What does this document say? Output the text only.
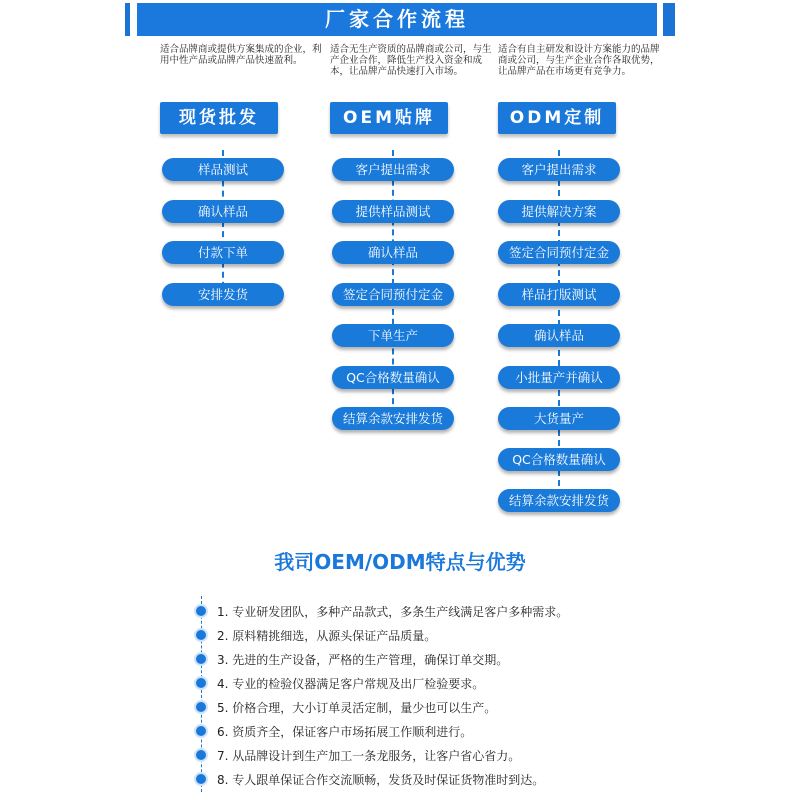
厂家合作流程
适合品牌商或提供方案集成的企业，利用中性产品或品牌产品快速盈利。
现货批发
样品测试
确认样品
付款下单
安排发货
适合无生产资质的品牌商或公司，与生产企业合作，降低生产投入资金和成本，让品牌产品快速打入市场。
OEM贴牌
客户提出需求
提供样品测试
确认样品
签定合同预付定金
下单生产
QC合格数量确认
结算余款安排发货
适合有自主研发和设计方案能力的品牌商或公司，与生产企业合作各取优势，让品牌产品在市场更有竞争力。
ODM定制
客户提出需求
提供解决方案
签定合同预付定金
样品打版测试
确认样品
小批量产并确认
大货量产
QC合格数量确认
结算余款安排发货
我司OEM/ODM特点与优势
1. 专业研发团队，多种产品款式，多条生产线满足客户多种需求。
2. 原料精挑细选，从源头保证产品质量。
3. 先进的生产设备，严格的生产管理，确保订单交期。
4. 专业的检验仪器满足客户常规及出厂检验要求。
5. 价格合理，大小订单灵活定制，量少也可以生产。
6. 资质齐全，保证客户市场拓展工作顺利进行。
7. 从品牌设计到生产加工一条龙服务，让客户省心省力。
8. 专人跟单保证合作交流顺畅，发货及时保证货物准时到达。
